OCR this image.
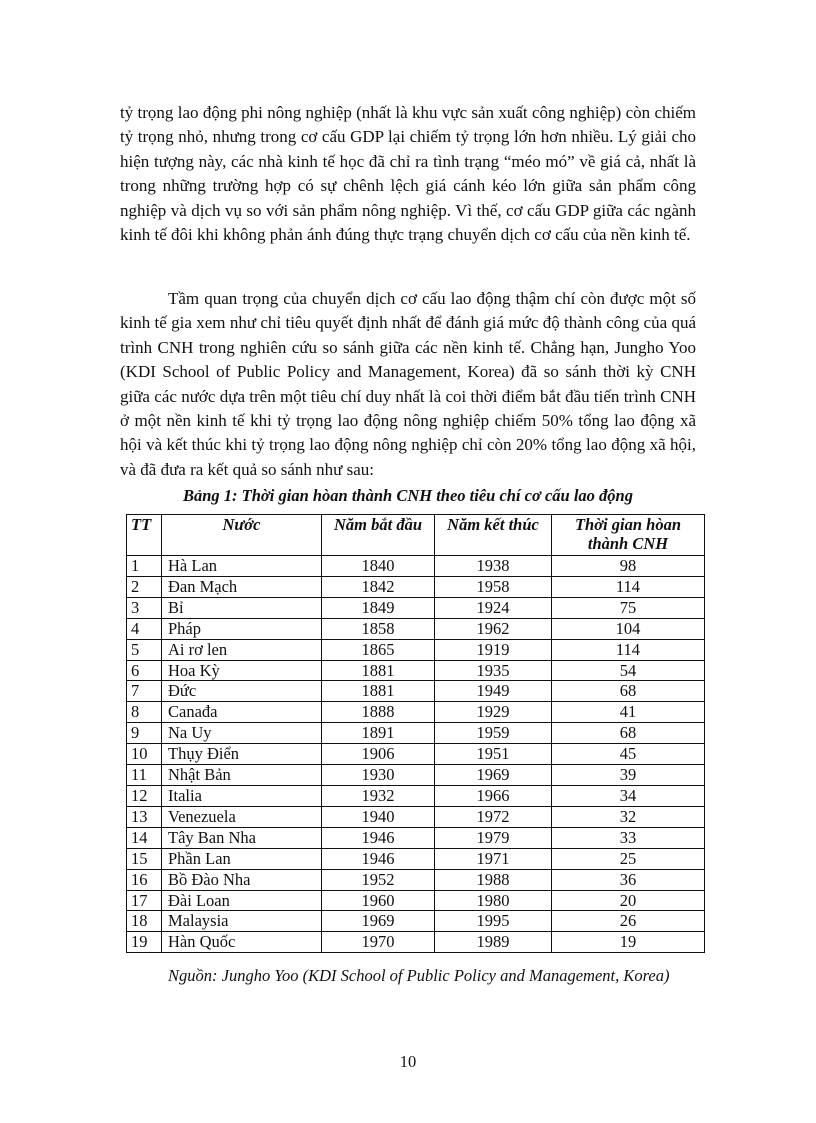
tỷ trọng lao động phi nông nghiệp (nhất là khu vực sản xuất công nghiệp) còn chiếm tỷ trọng nhỏ, nhưng trong cơ cấu GDP lại chiếm tỷ trọng lớn hơn nhiều. Lý giải cho hiện tượng này, các nhà kinh tế học đã chỉ ra tình trạng “méo mó” về giá cả, nhất là trong những trường hợp có sự chênh lệch giá cánh kéo lớn giữa sản phẩm công nghiệp và dịch vụ so với sản phẩm nông nghiệp. Vì thế, cơ cấu GDP giữa các ngành kinh tế đôi khi không phản ánh đúng thực trạng chuyển dịch cơ cấu của nền kinh tế.

Tầm quan trọng của chuyển dịch cơ cấu lao động thậm chí còn được một số kinh tế gia xem như chỉ tiêu quyết định nhất để đánh giá mức độ thành công của quá trình CNH trong nghiên cứu so sánh giữa các nền kinh tế. Chẳng hạn, Jungho Yoo (KDI School of Public Policy and Management, Korea) đã so sánh thời kỳ CNH giữa các nước dựa trên một tiêu chí duy nhất là coi thời điểm bắt đầu tiến trình CNH ở một nền kinh tế khi tỷ trọng lao động nông nghiệp chiếm 50% tổng lao động xã hội và kết thúc khi tỷ trọng lao động nông nghiệp chỉ còn 20% tổng lao động xã hội, và đã đưa ra kết quả so sánh như sau:

Bảng 1: Thời gian hòan thành CNH theo tiêu chí cơ cấu lao động

TT	Nước	Năm bắt đầu	Năm kết thúc	Thời gian hòan thành CNH
1	Hà Lan	1840	1938	98
2	Đan Mạch	1842	1958	114
3	Bỉ	1849	1924	75
4	Pháp	1858	1962	104
5	Ai rơ len	1865	1919	114
6	Hoa Kỳ	1881	1935	54
7	Đức	1881	1949	68
8	Canađa	1888	1929	41
9	Na Uy	1891	1959	68
10	Thụy Điển	1906	1951	45
11	Nhật Bản	1930	1969	39
12	Italia	1932	1966	34
13	Venezuela	1940	1972	32
14	Tây Ban Nha	1946	1979	33
15	Phần Lan	1946	1971	25
16	Bồ Đào Nha	1952	1988	36
17	Đài Loan	1960	1980	20
18	Malaysia	1969	1995	26
19	Hàn Quốc	1970	1989	19

Nguồn: Jungho Yoo (KDI School of Public Policy and Management, Korea)

10
